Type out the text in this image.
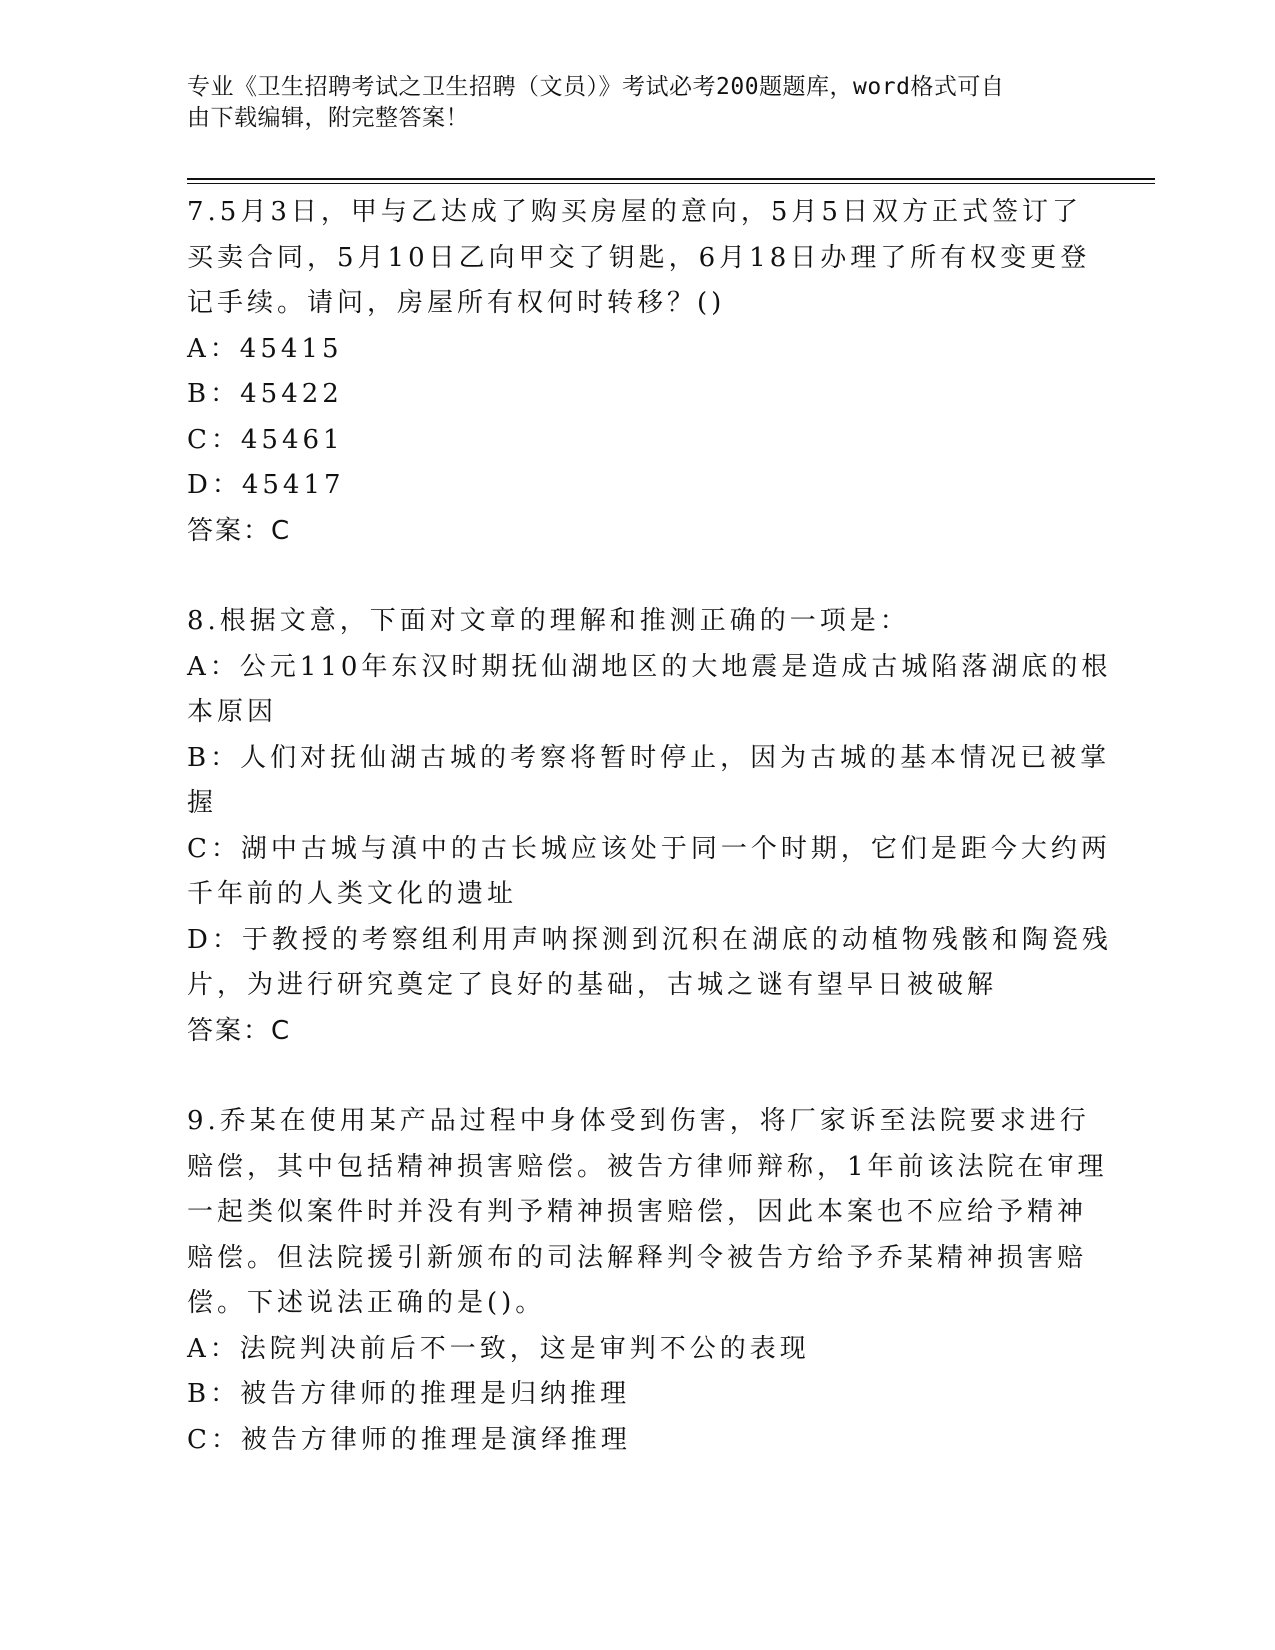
专业《卫生招聘考试之卫生招聘（文员）》考试必考200题题库，word格式可自
由下载编辑，附完整答案！
7.5月3日，甲与乙达成了购买房屋的意向，5月5日双方正式签订了
买卖合同，5月10日乙向甲交了钥匙，6月18日办理了所有权变更登
记手续。请问，房屋所有权何时转移？()
A：45415
B：45422
C：45461
D：45417
答案：C
8.根据文意，下面对文章的理解和推测正确的一项是：
A：公元110年东汉时期抚仙湖地区的大地震是造成古城陷落湖底的根
本原因
B：人们对抚仙湖古城的考察将暂时停止，因为古城的基本情况已被掌
握
C：湖中古城与滇中的古长城应该处于同一个时期，它们是距今大约两
千年前的人类文化的遗址
D：于教授的考察组利用声呐探测到沉积在湖底的动植物残骸和陶瓷残
片，为进行研究奠定了良好的基础，古城之谜有望早日被破解
答案：C
9.乔某在使用某产品过程中身体受到伤害，将厂家诉至法院要求进行
赔偿，其中包括精神损害赔偿。被告方律师辩称，1年前该法院在审理
一起类似案件时并没有判予精神损害赔偿，因此本案也不应给予精神
赔偿。但法院援引新颁布的司法解释判令被告方给予乔某精神损害赔
偿。下述说法正确的是()。
A：法院判决前后不一致，这是审判不公的表现
B：被告方律师的推理是归纳推理
C：被告方律师的推理是演绎推理
